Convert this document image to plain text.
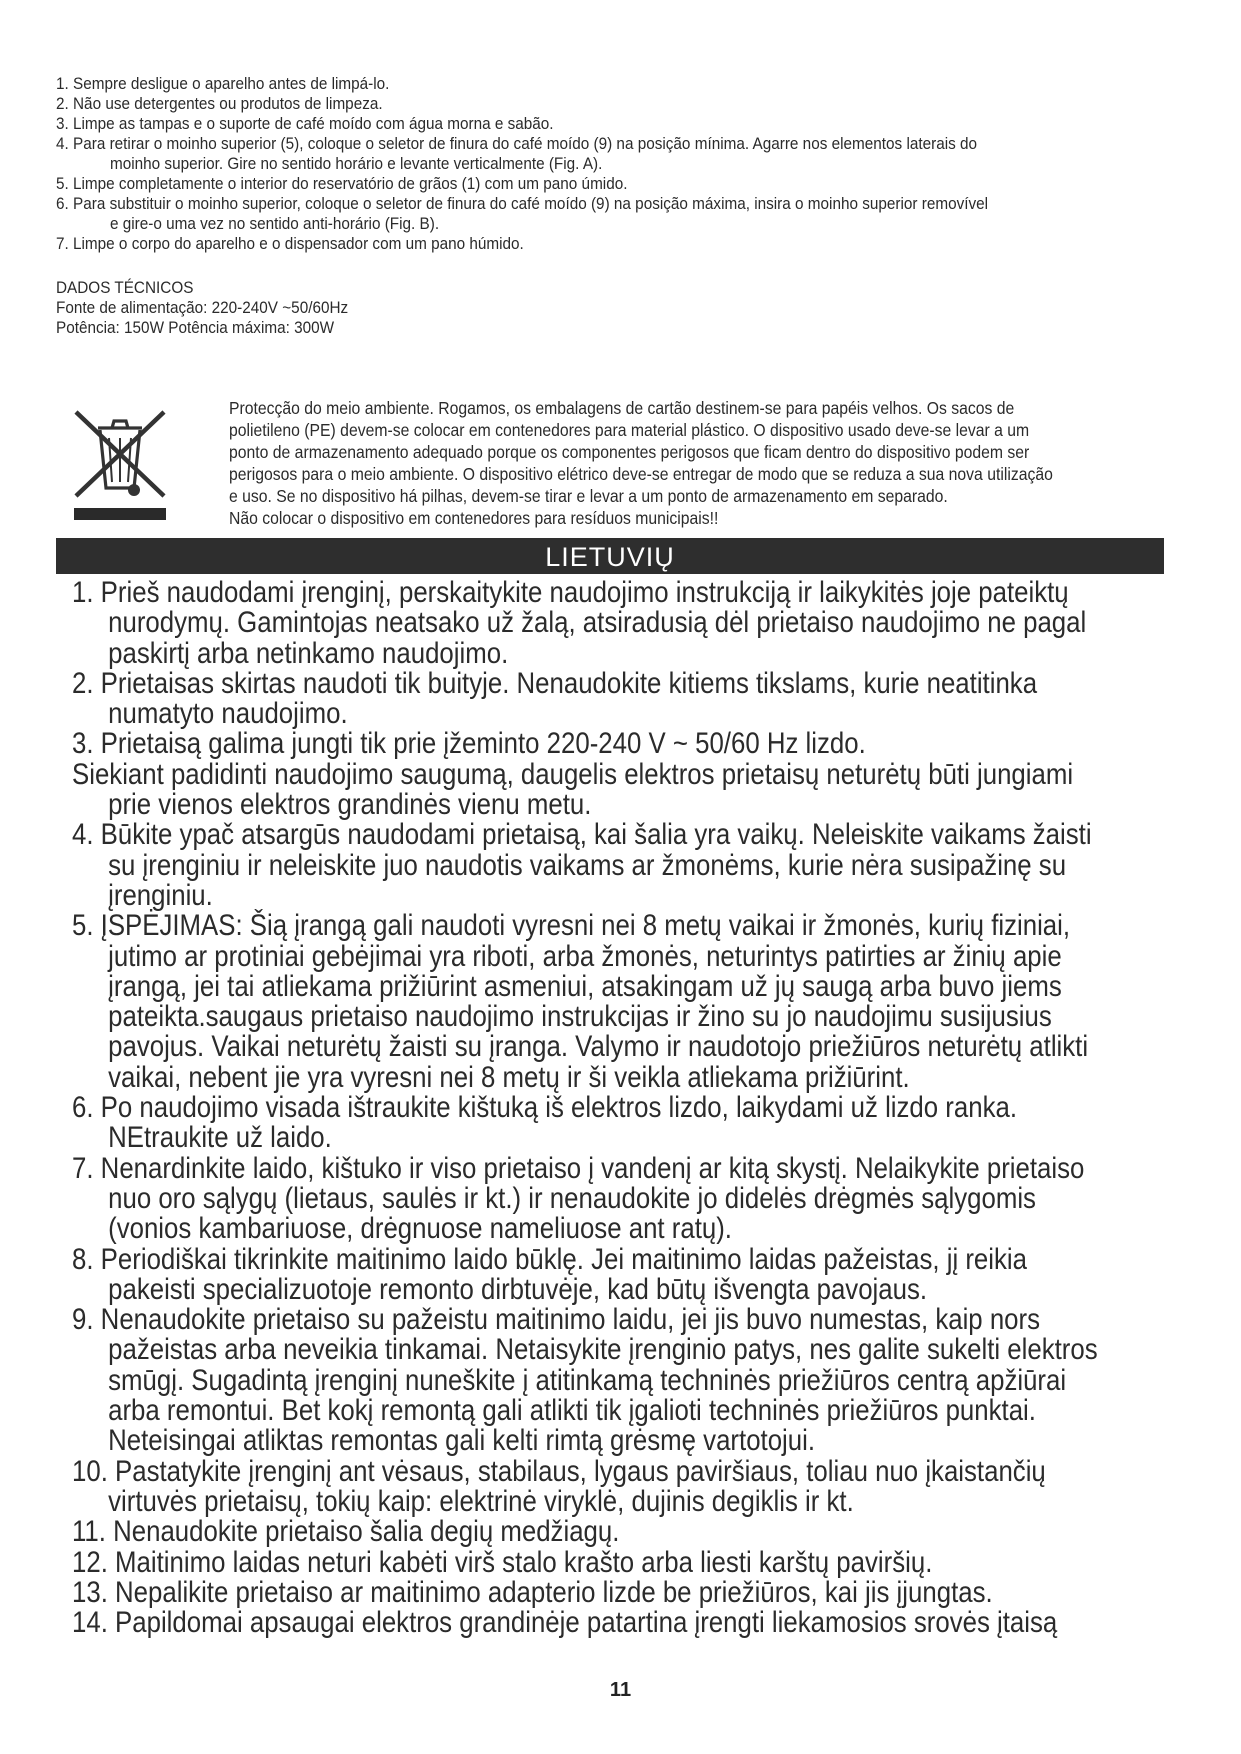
1. Sempre desligue o aparelho antes de limpá-lo.
2. Não use detergentes ou produtos de limpeza.
3. Limpe as tampas e o suporte de café moído com água morna e sabão.
4. Para retirar o moinho superior (5), coloque o seletor de finura do café moído (9) na posição mínima. Agarre nos elementos laterais do
moinho superior. Gire no sentido horário e levante verticalmente (Fig. A).
5. Limpe completamente o interior do reservatório de grãos (1) com um pano úmido.
6. Para substituir o moinho superior, coloque o seletor de finura do café moído (9) na posição máxima, insira o moinho superior removível
e gire-o uma vez no sentido anti-horário (Fig. B).
7. Limpe o corpo do aparelho e o dispensador com um pano húmido.
DADOS TÉCNICOS
Fonte de alimentação: 220-240V ~50/60Hz
Potência: 150W Potência máxima: 300W
Protecção do meio ambiente. Rogamos, os embalagens de cartão destinem-se para papéis velhos. Os sacos de
polietileno (PE) devem-se colocar em contenedores para material plástico. O dispositivo usado deve-se levar a um
ponto de armazenamento adequado porque os componentes perigosos que ficam dentro do dispositivo podem ser
perigosos para o meio ambiente. O dispositivo elétrico deve-se entregar de modo que se reduza a sua nova utilização
e uso. Se no dispositivo há pilhas, devem-se tirar e levar a um ponto de armazenamento em separado.
Não colocar o dispositivo em contenedores para resíduos municipais!!
LIETUVIŲ
1. Prieš naudodami įrenginį, perskaitykite naudojimo instrukciją ir laikykitės joje pateiktų
nurodymų. Gamintojas neatsako už žalą, atsiradusią dėl prietaiso naudojimo ne pagal
paskirtį arba netinkamo naudojimo.
2. Prietaisas skirtas naudoti tik buityje. Nenaudokite kitiems tikslams, kurie neatitinka
numatyto naudojimo.
3. Prietaisą galima jungti tik prie įžeminto 220-240 V ~ 50/60 Hz lizdo.
Siekiant padidinti naudojimo saugumą, daugelis elektros prietaisų neturėtų būti jungiami
prie vienos elektros grandinės vienu metu.
4. Būkite ypač atsargūs naudodami prietaisą, kai šalia yra vaikų. Neleiskite vaikams žaisti
su įrenginiu ir neleiskite juo naudotis vaikams ar žmonėms, kurie nėra susipažinę su
įrenginiu.
5. ĮSPĖJIMAS: Šią įrangą gali naudoti vyresni nei 8 metų vaikai ir žmonės, kurių fiziniai,
jutimo ar protiniai gebėjimai yra riboti, arba žmonės, neturintys patirties ar žinių apie
įrangą, jei tai atliekama prižiūrint asmeniui, atsakingam už jų saugą arba buvo jiems
pateikta.saugaus prietaiso naudojimo instrukcijas ir žino su jo naudojimu susijusius
pavojus. Vaikai neturėtų žaisti su įranga. Valymo ir naudotojo priežiūros neturėtų atlikti
vaikai, nebent jie yra vyresni nei 8 metų ir ši veikla atliekama prižiūrint.
6. Po naudojimo visada ištraukite kištuką iš elektros lizdo, laikydami už lizdo ranka.
NEtraukite už laido.
7. Nenardinkite laido, kištuko ir viso prietaiso į vandenį ar kitą skystį. Nelaikykite prietaiso
nuo oro sąlygų (lietaus, saulės ir kt.) ir nenaudokite jo didelės drėgmės sąlygomis
(vonios kambariuose, drėgnuose nameliuose ant ratų).
8. Periodiškai tikrinkite maitinimo laido būklę. Jei maitinimo laidas pažeistas, jį reikia
pakeisti specializuotoje remonto dirbtuvėje, kad būtų išvengta pavojaus.
9. Nenaudokite prietaiso su pažeistu maitinimo laidu, jei jis buvo numestas, kaip nors
pažeistas arba neveikia tinkamai. Netaisykite įrenginio patys, nes galite sukelti elektros
smūgį. Sugadintą įrenginį nuneškite į atitinkamą techninės priežiūros centrą apžiūrai
arba remontui. Bet kokį remontą gali atlikti tik įgalioti techninės priežiūros punktai.
Neteisingai atliktas remontas gali kelti rimtą grėsmę vartotojui.
10. Pastatykite įrenginį ant vėsaus, stabilaus, lygaus paviršiaus, toliau nuo įkaistančių
virtuvės prietaisų, tokių kaip: elektrinė viryklė, dujinis degiklis ir kt.
11. Nenaudokite prietaiso šalia degių medžiagų.
12. Maitinimo laidas neturi kabėti virš stalo krašto arba liesti karštų paviršių.
13. Nepalikite prietaiso ar maitinimo adapterio lizde be priežiūros, kai jis įjungtas.
14. Papildomai apsaugai elektros grandinėje patartina įrengti liekamosios srovės įtaisą
11
